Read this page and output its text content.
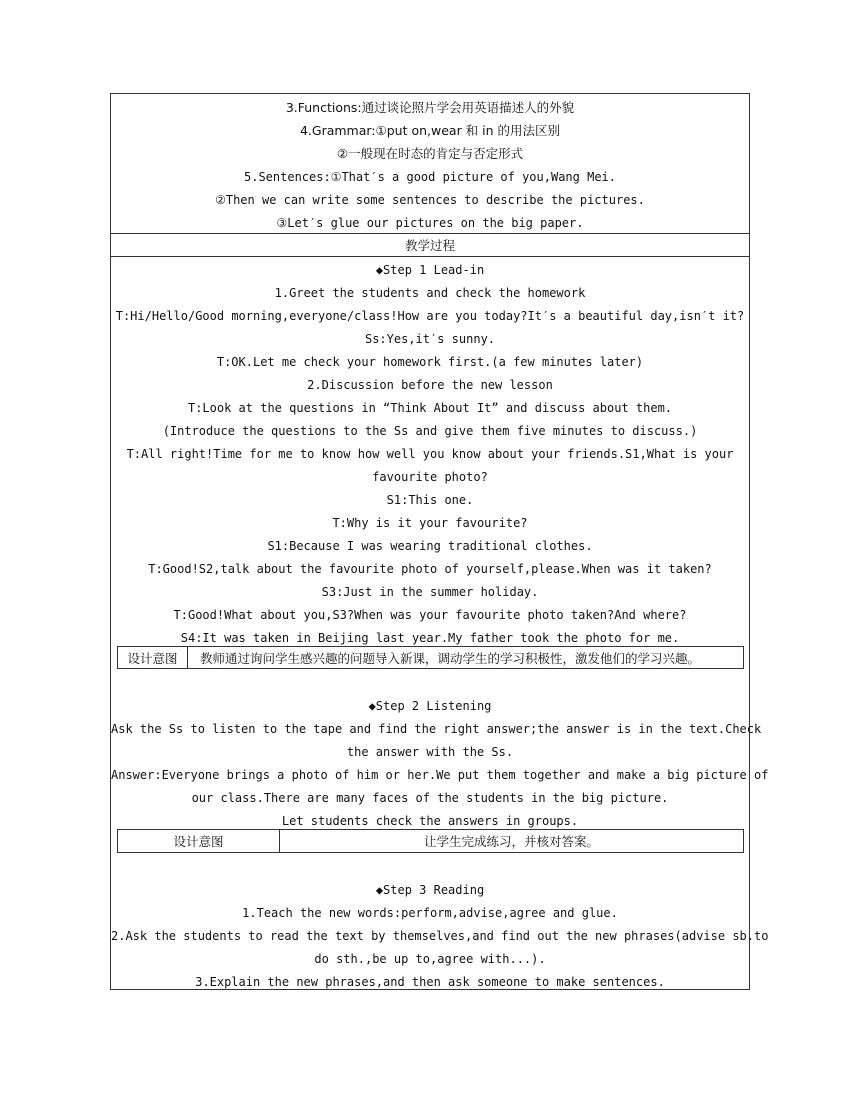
3.Functions:通过谈论照片学会用英语描述人的外貌
4.Grammar:①put on,wear 和 in 的用法区别
②一般现在时态的肯定与否定形式
5.Sentences:①That′s a good picture of you,Wang Mei.
②Then we can write some sentences to describe the pictures.
③Let′s glue our pictures on the big paper.
教学过程
◆Step 1 Lead-in
1.Greet the students and check the homework
T:Hi/Hello/Good morning,everyone/class!How are you today?It′s a beautiful day,isn′t it?
Ss:Yes,it′s sunny.
T:OK.Let me check your homework first.(a few minutes later)
2.Discussion before the new lesson
T:Look at the questions in “Think About It” and discuss about them.
(Introduce the questions to the Ss and give them five minutes to discuss.)
T:All right!Time for me to know how well you know about your friends.S1,What is your
favourite photo?
S1:This one.
T:Why is it your favourite?
S1:Because I was wearing traditional clothes.
T:Good!S2,talk about the favourite photo of yourself,please.When was it taken?
S3:Just in the summer holiday.
T:Good!What about you,S3?When was your favourite photo taken?And where?
S4:It was taken in Beijing last year.My father took the photo for me.
设计意图	教师通过询问学生感兴趣的问题导入新课，调动学生的学习积极性，激发他们的学习兴趣。
◆Step 2 Listening
Ask the Ss to listen to the tape and find the right answer;the answer is in the text.Check
the answer with the Ss.
Answer:Everyone brings a photo of him or her.We put them together and make a big picture of
our class.There are many faces of the students in the big picture.
Let students check the answers in groups.
设计意图	让学生完成练习，并核对答案。
◆Step 3 Reading
1.Teach the new words:perform,advise,agree and glue.
2.Ask the students to read the text by themselves,and find out the new phrases(advise sb.to
do sth.,be up to,agree with...).
3.Explain the new phrases,and then ask someone to make sentences.
